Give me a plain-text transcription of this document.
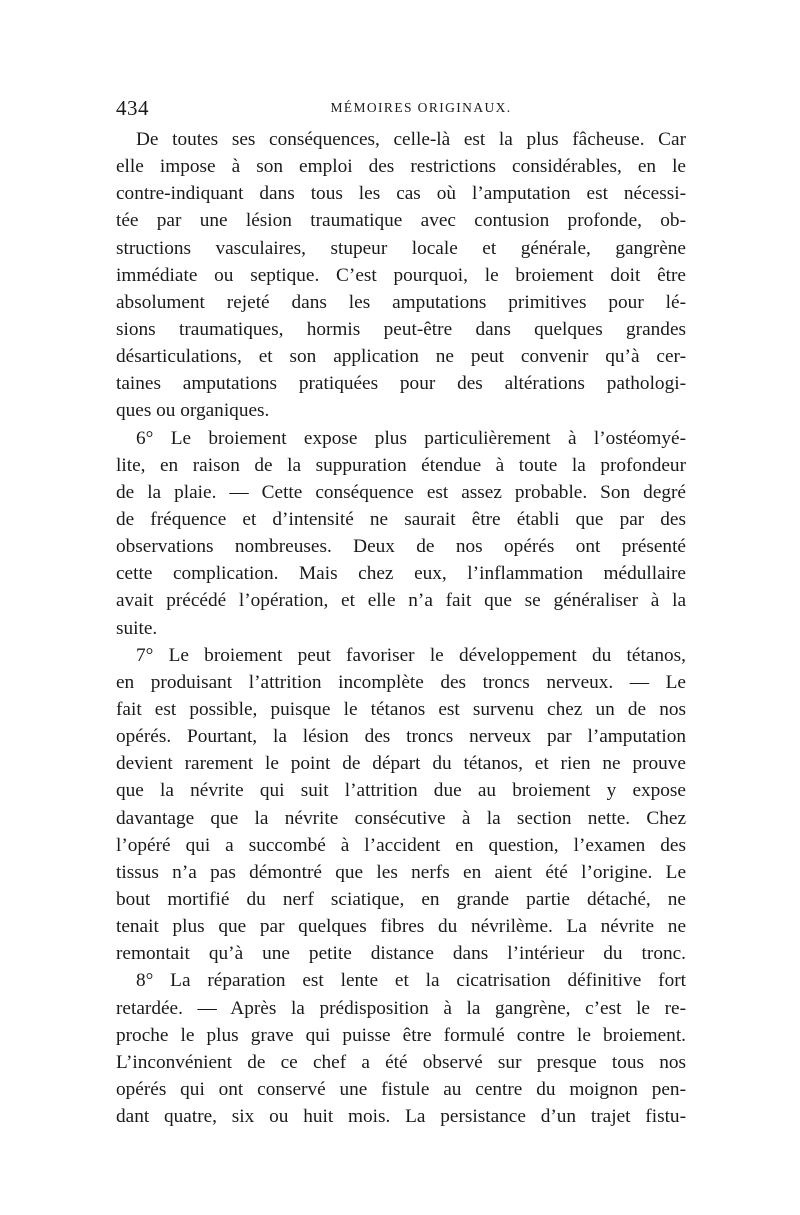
434	MÉMOIRES ORIGINAUX.
De toutes ses conséquences, celle-là est la plus fâcheuse. Car
elle impose à son emploi des restrictions considérables, en le
contre-indiquant dans tous les cas où l’amputation est nécessi-
tée par une lésion traumatique avec contusion profonde, ob-
structions vasculaires, stupeur locale et générale, gangrène
immédiate ou septique. C’est pourquoi, le broiement doit être
absolument rejeté dans les amputations primitives pour lé-
sions traumatiques, hormis peut-être dans quelques grandes
désarticulations, et son application ne peut convenir qu’à cer-
taines amputations pratiquées pour des altérations pathologi-
ques ou organiques.
6° Le broiement expose plus particulièrement à l’ostéomyé-
lite, en raison de la suppuration étendue à toute la profondeur
de la plaie. — Cette conséquence est assez probable. Son degré
de fréquence et d’intensité ne saurait être établi que par des
observations nombreuses. Deux de nos opérés ont présenté
cette complication. Mais chez eux, l’inflammation médullaire
avait précédé l’opération, et elle n’a fait que se généraliser à la
suite.
7° Le broiement peut favoriser le développement du tétanos,
en produisant l’attrition incomplète des troncs nerveux. — Le
fait est possible, puisque le tétanos est survenu chez un de nos
opérés. Pourtant, la lésion des troncs nerveux par l’amputation
devient rarement le point de départ du tétanos, et rien ne prouve
que la névrite qui suit l’attrition due au broiement y expose
davantage que la névrite consécutive à la section nette. Chez
l’opéré qui a succombé à l’accident en question, l’examen des
tissus n’a pas démontré que les nerfs en aient été l’origine. Le
bout mortifié du nerf sciatique, en grande partie détaché, ne
tenait plus que par quelques fibres du névrilème. La névrite ne
remontait qu’à une petite distance dans l’intérieur du tronc.
8° La réparation est lente et la cicatrisation définitive fort
retardée. — Après la prédisposition à la gangrène, c’est le re-
proche le plus grave qui puisse être formulé contre le broiement.
L’inconvénient de ce chef a été observé sur presque tous nos
opérés qui ont conservé une fistule au centre du moignon pen-
dant quatre, six ou huit mois. La persistance d’un trajet fistu-
